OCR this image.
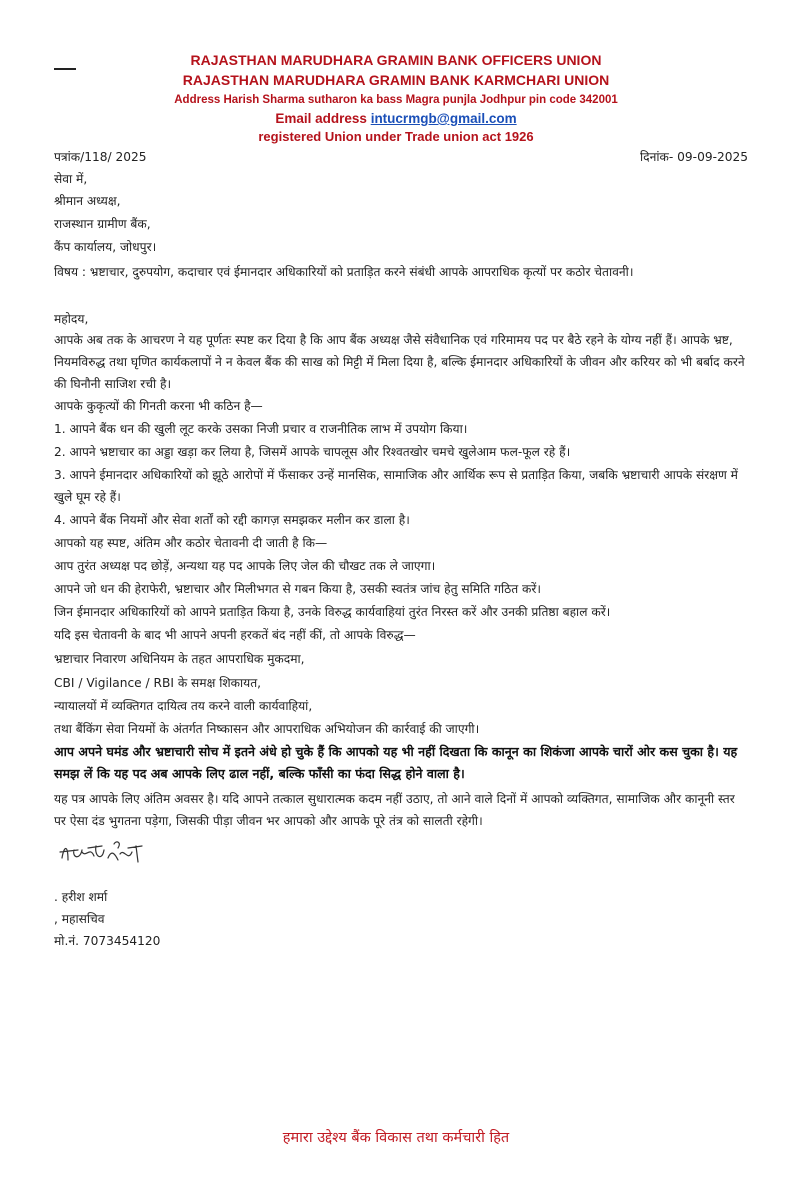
RAJASTHAN MARUDHARA GRAMIN BANK OFFICERS UNION
RAJASTHAN MARUDHARA GRAMIN BANK KARMCHARI UNION
Address Harish Sharma sutharon ka bass Magra punjla Jodhpur pin code 342001
Email address intucrmgb@gmail.com
registered Union under Trade union act 1926
पत्रांक/118/ 2025	दिनांक- 09-09-2025
सेवा में,
श्रीमान अध्यक्ष,
राजस्थान ग्रामीण बैंक,
कैंप कार्यालय, जोधपुर।
विषय : भ्रष्टाचार, दुरुपयोग, कदाचार एवं ईमानदार अधिकारियों को प्रताड़ित करने संबंधी आपके आपराधिक कृत्यों पर कठोर चेतावनी।
महोदय,
आपके अब तक के आचरण ने यह पूर्णतः स्पष्ट कर दिया है कि आप बैंक अध्यक्ष जैसे संवैधानिक एवं गरिमामय पद पर बैठे रहने के योग्य नहीं हैं। आपके भ्रष्ट, नियमविरुद्ध तथा घृणित कार्यकलापों ने न केवल बैंक की साख को मिट्टी में मिला दिया है, बल्कि ईमानदार अधिकारियों के जीवन और करियर को भी बर्बाद करने की घिनौनी साजिश रची है।
आपके कुकृत्यों की गिनती करना भी कठिन है—
1. आपने बैंक धन की खुली लूट करके उसका निजी प्रचार व राजनीतिक लाभ में उपयोग किया।
2. आपने भ्रष्टाचार का अड्डा खड़ा कर लिया है, जिसमें आपके चापलूस और रिश्वतखोर चमचे खुलेआम फल-फूल रहे हैं।
3. आपने ईमानदार अधिकारियों को झूठे आरोपों में फँसाकर उन्हें मानसिक, सामाजिक और आर्थिक रूप से प्रताड़ित किया, जबकि भ्रष्टाचारी आपके संरक्षण में खुले घूम रहे हैं।
4. आपने बैंक नियमों और सेवा शर्तों को रद्दी कागज़ समझकर मलीन कर डाला है।
आपको यह स्पष्ट, अंतिम और कठोर चेतावनी दी जाती है कि—
आप तुरंत अध्यक्ष पद छोड़ें, अन्यथा यह पद आपके लिए जेल की चौखट तक ले जाएगा।
आपने जो धन की हेराफेरी, भ्रष्टाचार और मिलीभगत से गबन किया है, उसकी स्वतंत्र जांच हेतु समिति गठित करें।
जिन ईमानदार अधिकारियों को आपने प्रताड़ित किया है, उनके विरुद्ध कार्यवाहियां तुरंत निरस्त करें और उनकी प्रतिष्ठा बहाल करें।
यदि इस चेतावनी के बाद भी आपने अपनी हरकतें बंद नहीं कीं, तो आपके विरुद्ध—
भ्रष्टाचार निवारण अधिनियम के तहत आपराधिक मुकदमा,
CBI / Vigilance / RBI के समक्ष शिकायत,
न्यायालयों में व्यक्तिगत दायित्व तय करने वाली कार्यवाहियां,
तथा बैंकिंग सेवा नियमों के अंतर्गत निष्कासन और आपराधिक अभियोजन की कार्रवाई की जाएगी।
आप अपने घमंड और भ्रष्टाचारी सोच में इतने अंधे हो चुके हैं कि आपको यह भी नहीं दिखता कि कानून का शिकंजा आपके चारों ओर कस चुका है। यह समझ लें कि यह पद अब आपके लिए ढाल नहीं, बल्कि फाँसी का फंदा सिद्ध होने वाला है।
यह पत्र आपके लिए अंतिम अवसर है। यदि आपने तत्काल सुधारात्मक कदम नहीं उठाए, तो आने वाले दिनों में आपको व्यक्तिगत, सामाजिक और कानूनी स्तर पर ऐसा दंड भुगतना पड़ेगा, जिसकी पीड़ा जीवन भर आपको और आपके पूरे तंत्र को सालती रहेगी।
. हरीश शर्मा
, महासचिव
मो.नं. 7073454120
हमारा उद्देश्य बैंक विकास तथा कर्मचारी हित
